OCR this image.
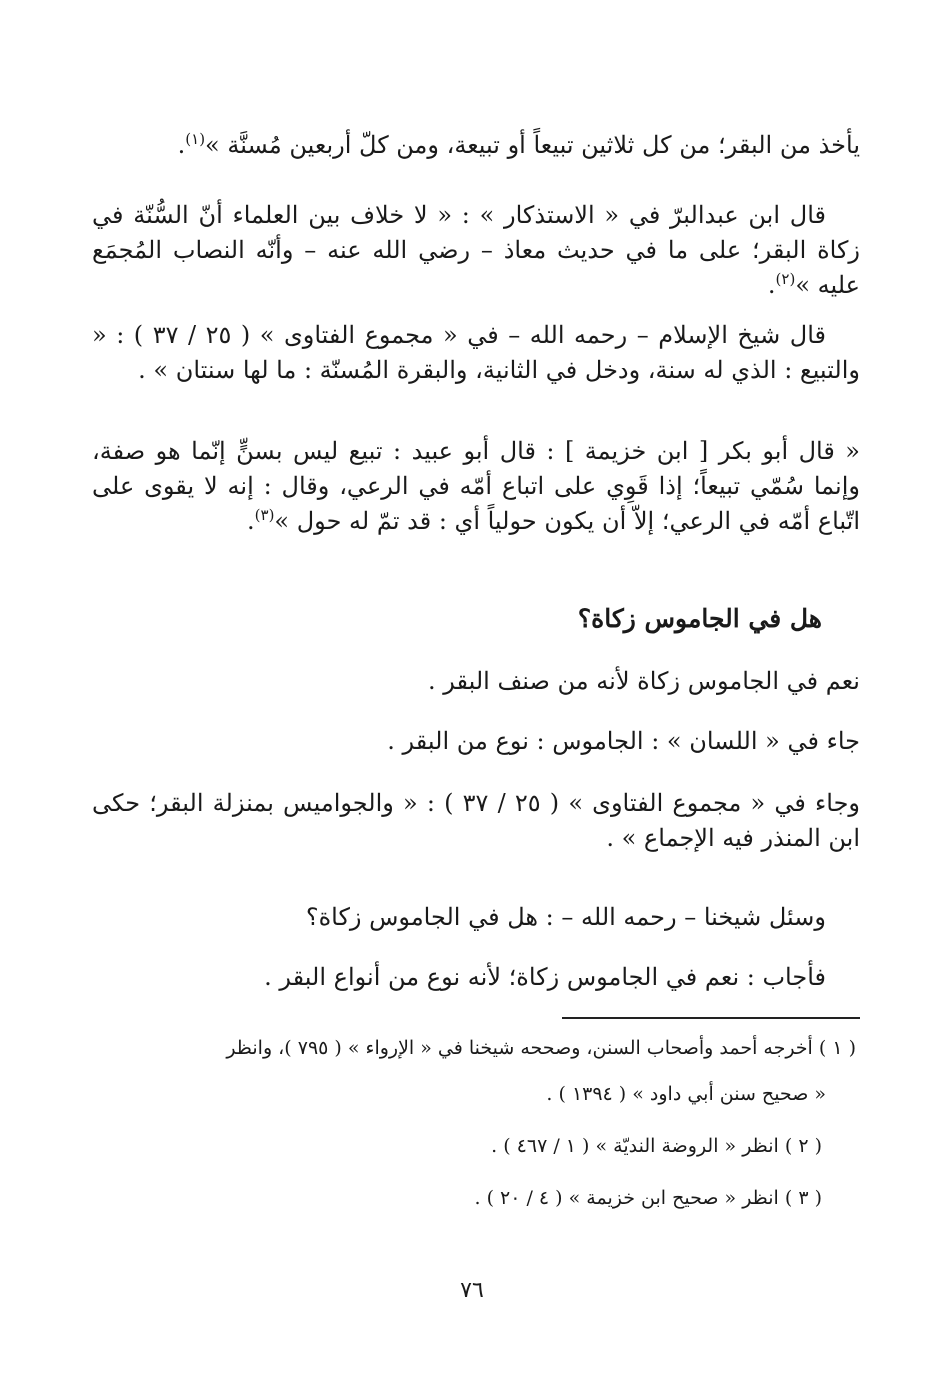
يأخذ من البقر؛ من كل ثلاثين تبيعاً أو تبيعة، ومن كلّ أربعين مُسنَّة »$^{(١)}$.

قال ابن عبدالبرّ في « الاستذكار » : « لا خلاف بين العلماء أنّ السُّنّة في زكاة البقر؛ على ما في حديث معاذ – رضي الله عنه – وأنّه النصاب المُجمَع عليه »$^{(٢)}$.

قال شيخ الإسلام – رحمه الله – في « مجموع الفتاوى » ( ٢٥ / ٣٧ ) : « والتبيع : الذي له سنة، ودخل في الثانية، والبقرة المُسنّة : ما لها سنتان » .

« قال أبو بكر [ ابن خزيمة ] : قال أبو عبيد : تبيع ليس بسنٍّ إنّما هو صفة، وإنما سُمّي تبيعاً؛ إذا قَوِي على اتباع أمّه في الرعي، وقال : إنه لا يقوى على اتّباع أمّه في الرعي؛ إلاّ أن يكون حولياً أي : قد تمّ له حول »$^{(٣)}$.

هل في الجاموس زكاة؟

نعم في الجاموس زكاة لأنه من صنف البقر .

جاء في « اللسان » : الجاموس : نوع من البقر .

وجاء في « مجموع الفتاوى » ( ٢٥ / ٣٧ ) : « والجواميس بمنزلة البقر؛ حكى ابن المنذر فيه الإجماع » .

وسئل شيخنا – رحمه الله – : هل في الجاموس زكاة؟

فأجاب : نعم في الجاموس زكاة؛ لأنه نوع من أنواع البقر .

( ١ ) أخرجه أحمد وأصحاب السنن، وصححه شيخنا في « الإرواء » ( ٧٩٥ )، وانظر
« صحيح سنن أبي داود » ( ١٣٩٤ ) .
( ٢ ) انظر « الروضة النديّة » ( ١ / ٤٦٧ ) .
( ٣ ) انظر « صحيح ابن خزيمة » ( ٤ / ٢٠ ) .
٧٦
